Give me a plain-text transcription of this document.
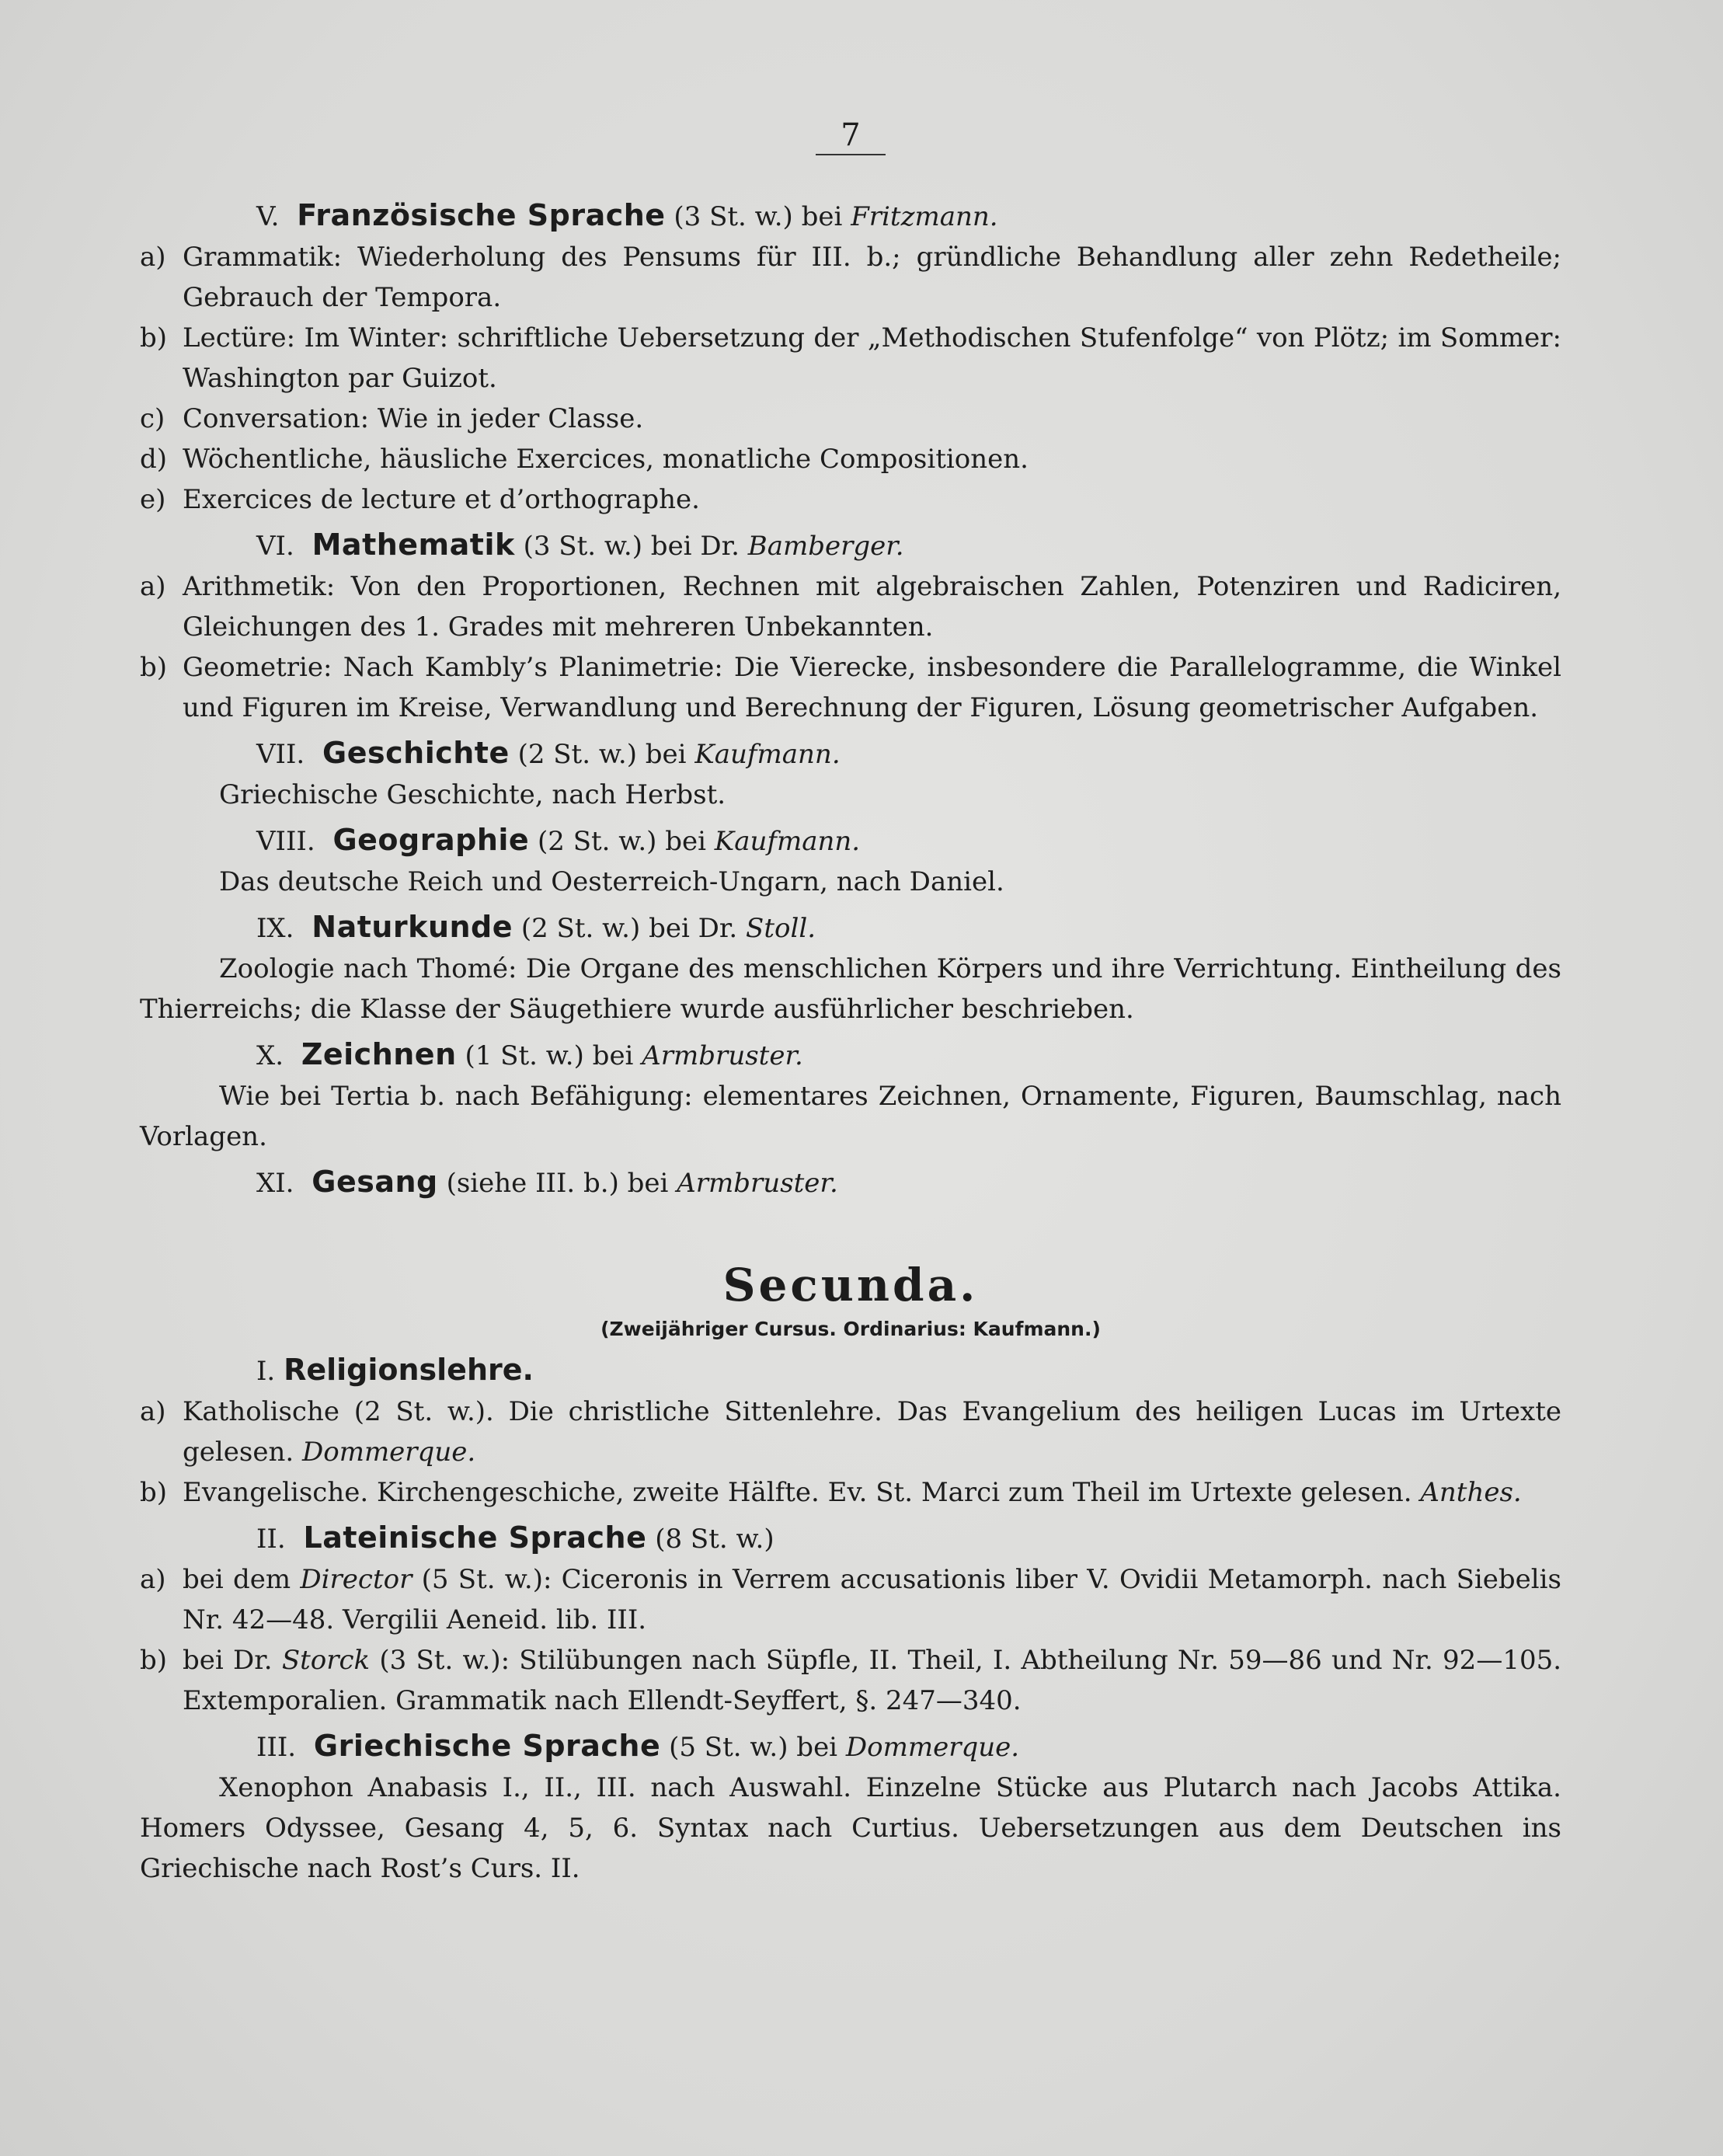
7

V. Französische Sprache (3 St. w.) bei Fritzmann.

a) Grammatik: Wiederholung des Pensums für III. b.; gründliche Behandlung aller zehn Redetheile; Gebrauch der Tempora.

b) Lectüre: Im Winter: schriftliche Uebersetzung der „Methodischen Stufenfolge“ von Plötz; im Sommer: Washington par Guizot.

c) Conversation: Wie in jeder Classe.

d) Wöchentliche, häusliche Exercices, monatliche Compositionen.

e) Exercices de lecture et d’orthographe.

VI. Mathematik (3 St. w.) bei Dr. Bamberger.

a) Arithmetik: Von den Proportionen, Rechnen mit algebraischen Zahlen, Potenziren und Radiciren, Gleichungen des 1. Grades mit mehreren Unbekannten.

b) Geometrie: Nach Kambly’s Planimetrie: Die Vierecke, insbesondere die Parallelogramme, die Winkel und Figuren im Kreise, Verwandlung und Berechnung der Figuren, Lösung geometrischer Aufgaben.

VII. Geschichte (2 St. w.) bei Kaufmann.

Griechische Geschichte, nach Herbst.

VIII. Geographie (2 St. w.) bei Kaufmann.

Das deutsche Reich und Oesterreich-Ungarn, nach Daniel.

IX. Naturkunde (2 St. w.) bei Dr. Stoll.

Zoologie nach Thomé: Die Organe des menschlichen Körpers und ihre Verrichtung. Eintheilung des Thierreichs; die Klasse der Säugethiere wurde ausführlicher beschrieben.

X. Zeichnen (1 St. w.) bei Armbruster.

Wie bei Tertia b. nach Befähigung: elementares Zeichnen, Ornamente, Figuren, Baumschlag, nach Vorlagen.

XI. Gesang (siehe III. b.) bei Armbruster.

Secunda.

(Zweijähriger Cursus. Ordinarius: Kaufmann.)

I. Religionslehre.

a) Katholische (2 St. w.). Die christliche Sittenlehre. Das Evangelium des heiligen Lucas im Urtexte gelesen. Dommerque.

b) Evangelische. Kirchengeschiche, zweite Hälfte. Ev. St. Marci zum Theil im Urtexte gelesen. Anthes.

II. Lateinische Sprache (8 St. w.)

a) bei dem Director (5 St. w.): Ciceronis in Verrem accusationis liber V. Ovidii Metamorph. nach Siebelis Nr. 42—48. Vergilii Aeneid. lib. III.

b) bei Dr. Storck (3 St. w.): Stilübungen nach Süpfle, II. Theil, I. Abtheilung Nr. 59—86 und Nr. 92—105. Extemporalien. Grammatik nach Ellendt-Seyffert, §. 247—340.

III. Griechische Sprache (5 St. w.) bei Dommerque.

Xenophon Anabasis I., II., III. nach Auswahl. Einzelne Stücke aus Plutarch nach Jacobs Attika. Homers Odyssee, Gesang 4, 5, 6. Syntax nach Curtius. Uebersetzungen aus dem Deutschen ins Griechische nach Rost’s Curs. II.
